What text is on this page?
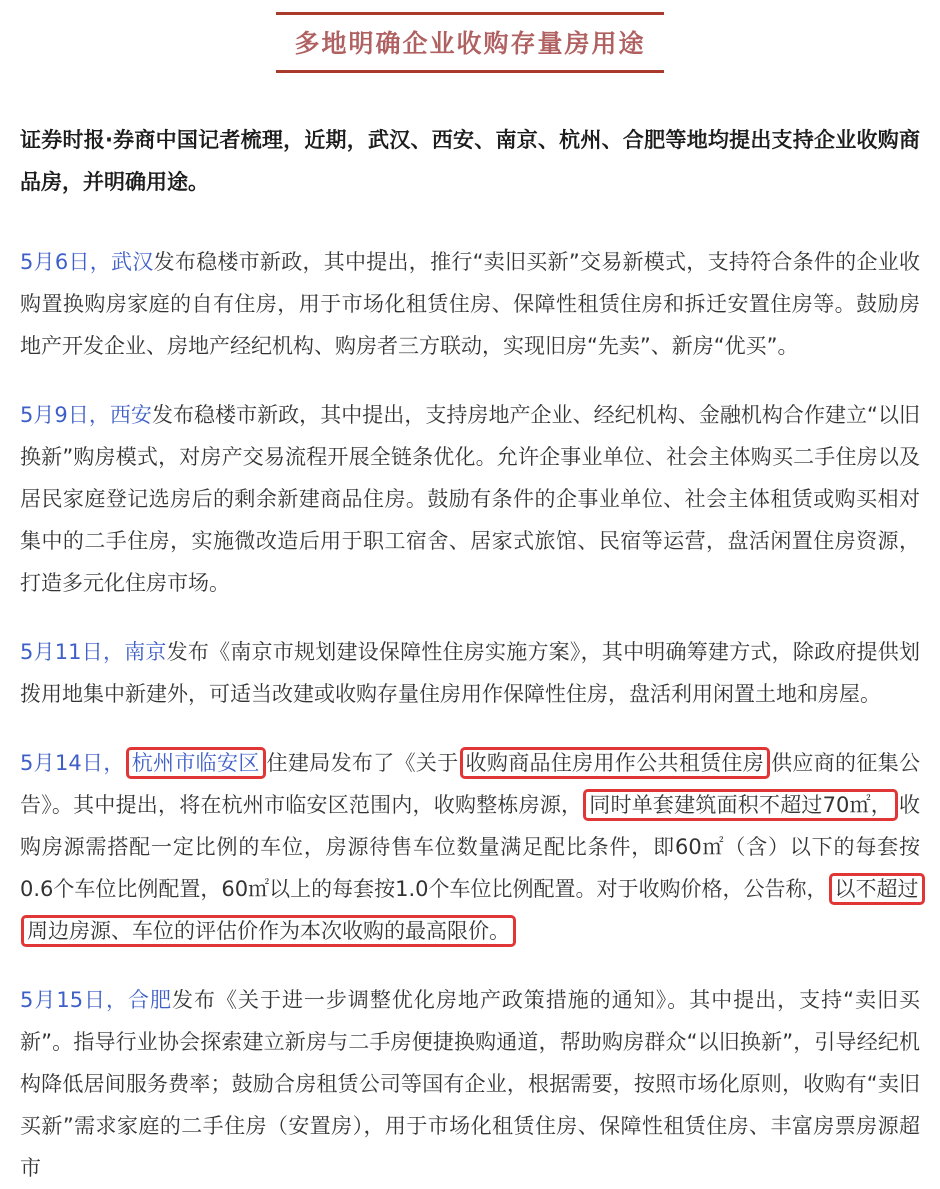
多地明确企业收购存量房用途

证券时报·券商中国记者梳理，近期，武汉、西安、南京、杭州、合肥等地均提出支持企业收购商品房，并明确用途。

5月6日，武汉发布稳楼市新政，其中提出，推行“卖旧买新”交易新模式，支持符合条件的企业收购置换购房家庭的自有住房，用于市场化租赁住房、保障性租赁住房和拆迁安置住房等。鼓励房地产开发企业、房地产经纪机构、购房者三方联动，实现旧房“先卖”、新房“优买”。

5月9日，西安发布稳楼市新政，其中提出，支持房地产企业、经纪机构、金融机构合作建立“以旧换新”购房模式，对房产交易流程开展全链条优化。允许企事业单位、社会主体购买二手住房以及居民家庭登记选房后的剩余新建商品住房。鼓励有条件的企事业单位、社会主体租赁或购买相对集中的二手住房，实施微改造后用于职工宿舍、居家式旅馆、民宿等运营，盘活闲置住房资源，打造多元化住房市场。

5月11日，南京发布《南京市规划建设保障性住房实施方案》，其中明确筹建方式，除政府提供划拨用地集中新建外，可适当改建或收购存量住房用作保障性住房，盘活利用闲置土地和房屋。

5月14日， 杭州市临安区 住建局发布了《关于 收购商品住房用作公共租赁住房 供应商的征集公告》。其中提出，将在杭州市临安区范围内，收购整栋房源， 同时单套建筑面积不超过70㎡， 收购房源需搭配一定比例的车位，房源待售车位数量满足配比条件，即60㎡（含）以下的每套按0.6个车位比例配置，60㎡以上的每套按1.0个车位比例配置。对于收购价格，公告称， 以不超过周边房源、车位的评估价作为本次收购的最高限价。

5月15日，合肥发布《关于进一步调整优化房地产政策措施的通知》。其中提出，支持“卖旧买新”。指导行业协会探索建立新房与二手房便捷换购通道，帮助购房群众“以旧换新”，引导经纪机构降低居间服务费率；鼓励合房租赁公司等国有企业，根据需要，按照市场化原则，收购有“卖旧买新”需求家庭的二手住房（安置房），用于市场化租赁住房、保障性租赁住房、丰富房票房源超市
